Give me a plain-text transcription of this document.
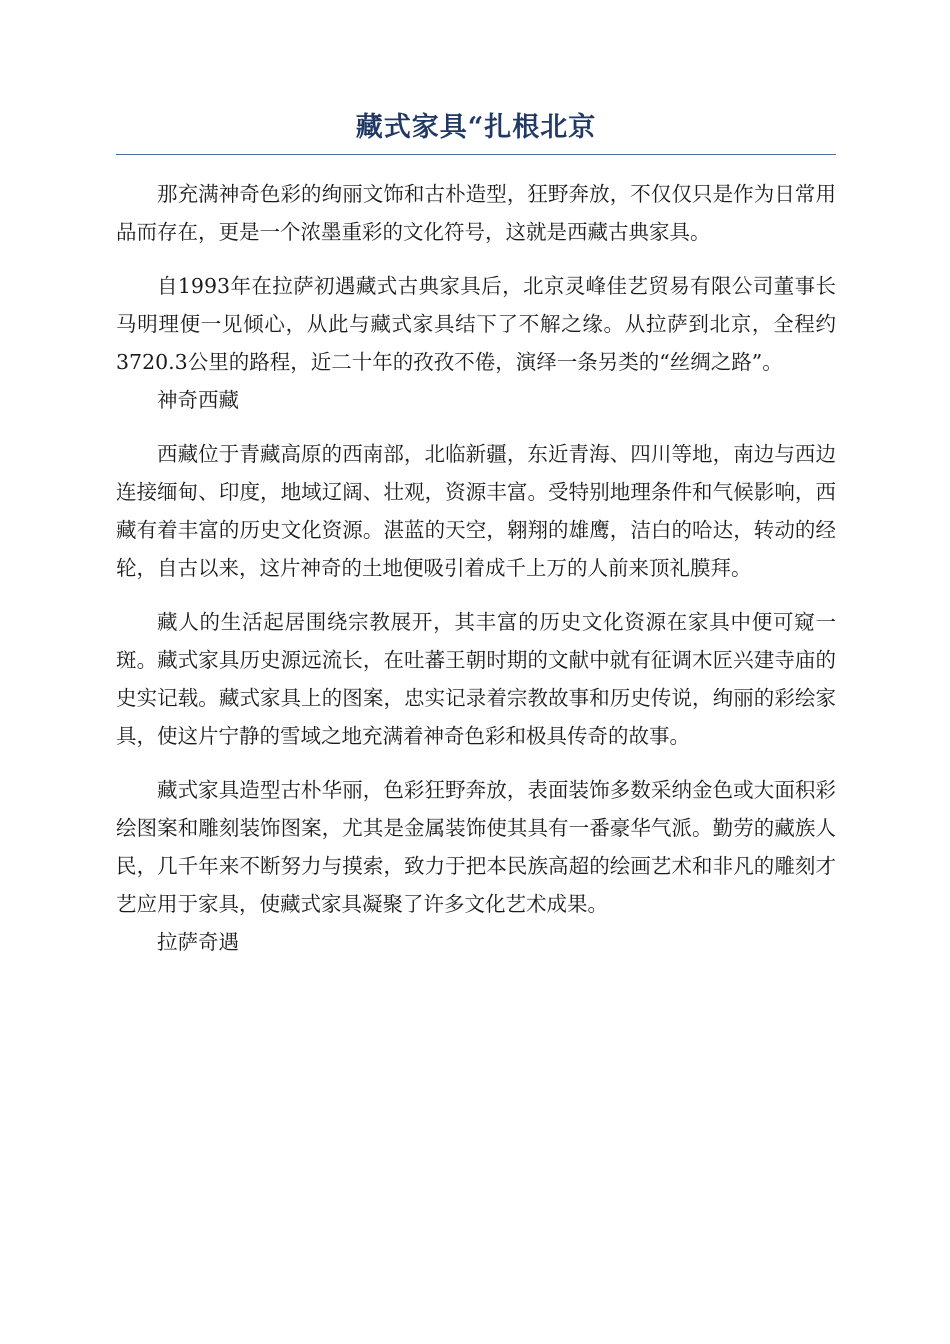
藏式家具“扎根北京

那充满神奇色彩的绚丽文饰和古朴造型，狂野奔放，不仅仅只是作为日常用品而存在，更是一个浓墨重彩的文化符号，这就是西藏古典家具。

自1993年在拉萨初遇藏式古典家具后，北京灵峰佳艺贸易有限公司董事长马明理便一见倾心，从此与藏式家具结下了不解之缘。从拉萨到北京，全程约3720.3公里的路程，近二十年的孜孜不倦，演绎一条另类的“丝绸之路”。

神奇西藏

西藏位于青藏高原的西南部，北临新疆，东近青海、四川等地，南边与西边连接缅甸、印度，地域辽阔、壮观，资源丰富。受特别地理条件和气候影响，西藏有着丰富的历史文化资源。湛蓝的天空，翱翔的雄鹰，洁白的哈达，转动的经轮，自古以来，这片神奇的土地便吸引着成千上万的人前来顶礼膜拜。

藏人的生活起居围绕宗教展开，其丰富的历史文化资源在家具中便可窥一斑。藏式家具历史源远流长，在吐蕃王朝时期的文献中就有征调木匠兴建寺庙的史实记载。藏式家具上的图案，忠实记录着宗教故事和历史传说，绚丽的彩绘家具，使这片宁静的雪域之地充满着神奇色彩和极具传奇的故事。

藏式家具造型古朴华丽，色彩狂野奔放，表面装饰多数采纳金色或大面积彩绘图案和雕刻装饰图案，尤其是金属装饰使其具有一番豪华气派。勤劳的藏族人民，几千年来不断努力与摸索，致力于把本民族高超的绘画艺术和非凡的雕刻才艺应用于家具，使藏式家具凝聚了许多文化艺术成果。

拉萨奇遇
